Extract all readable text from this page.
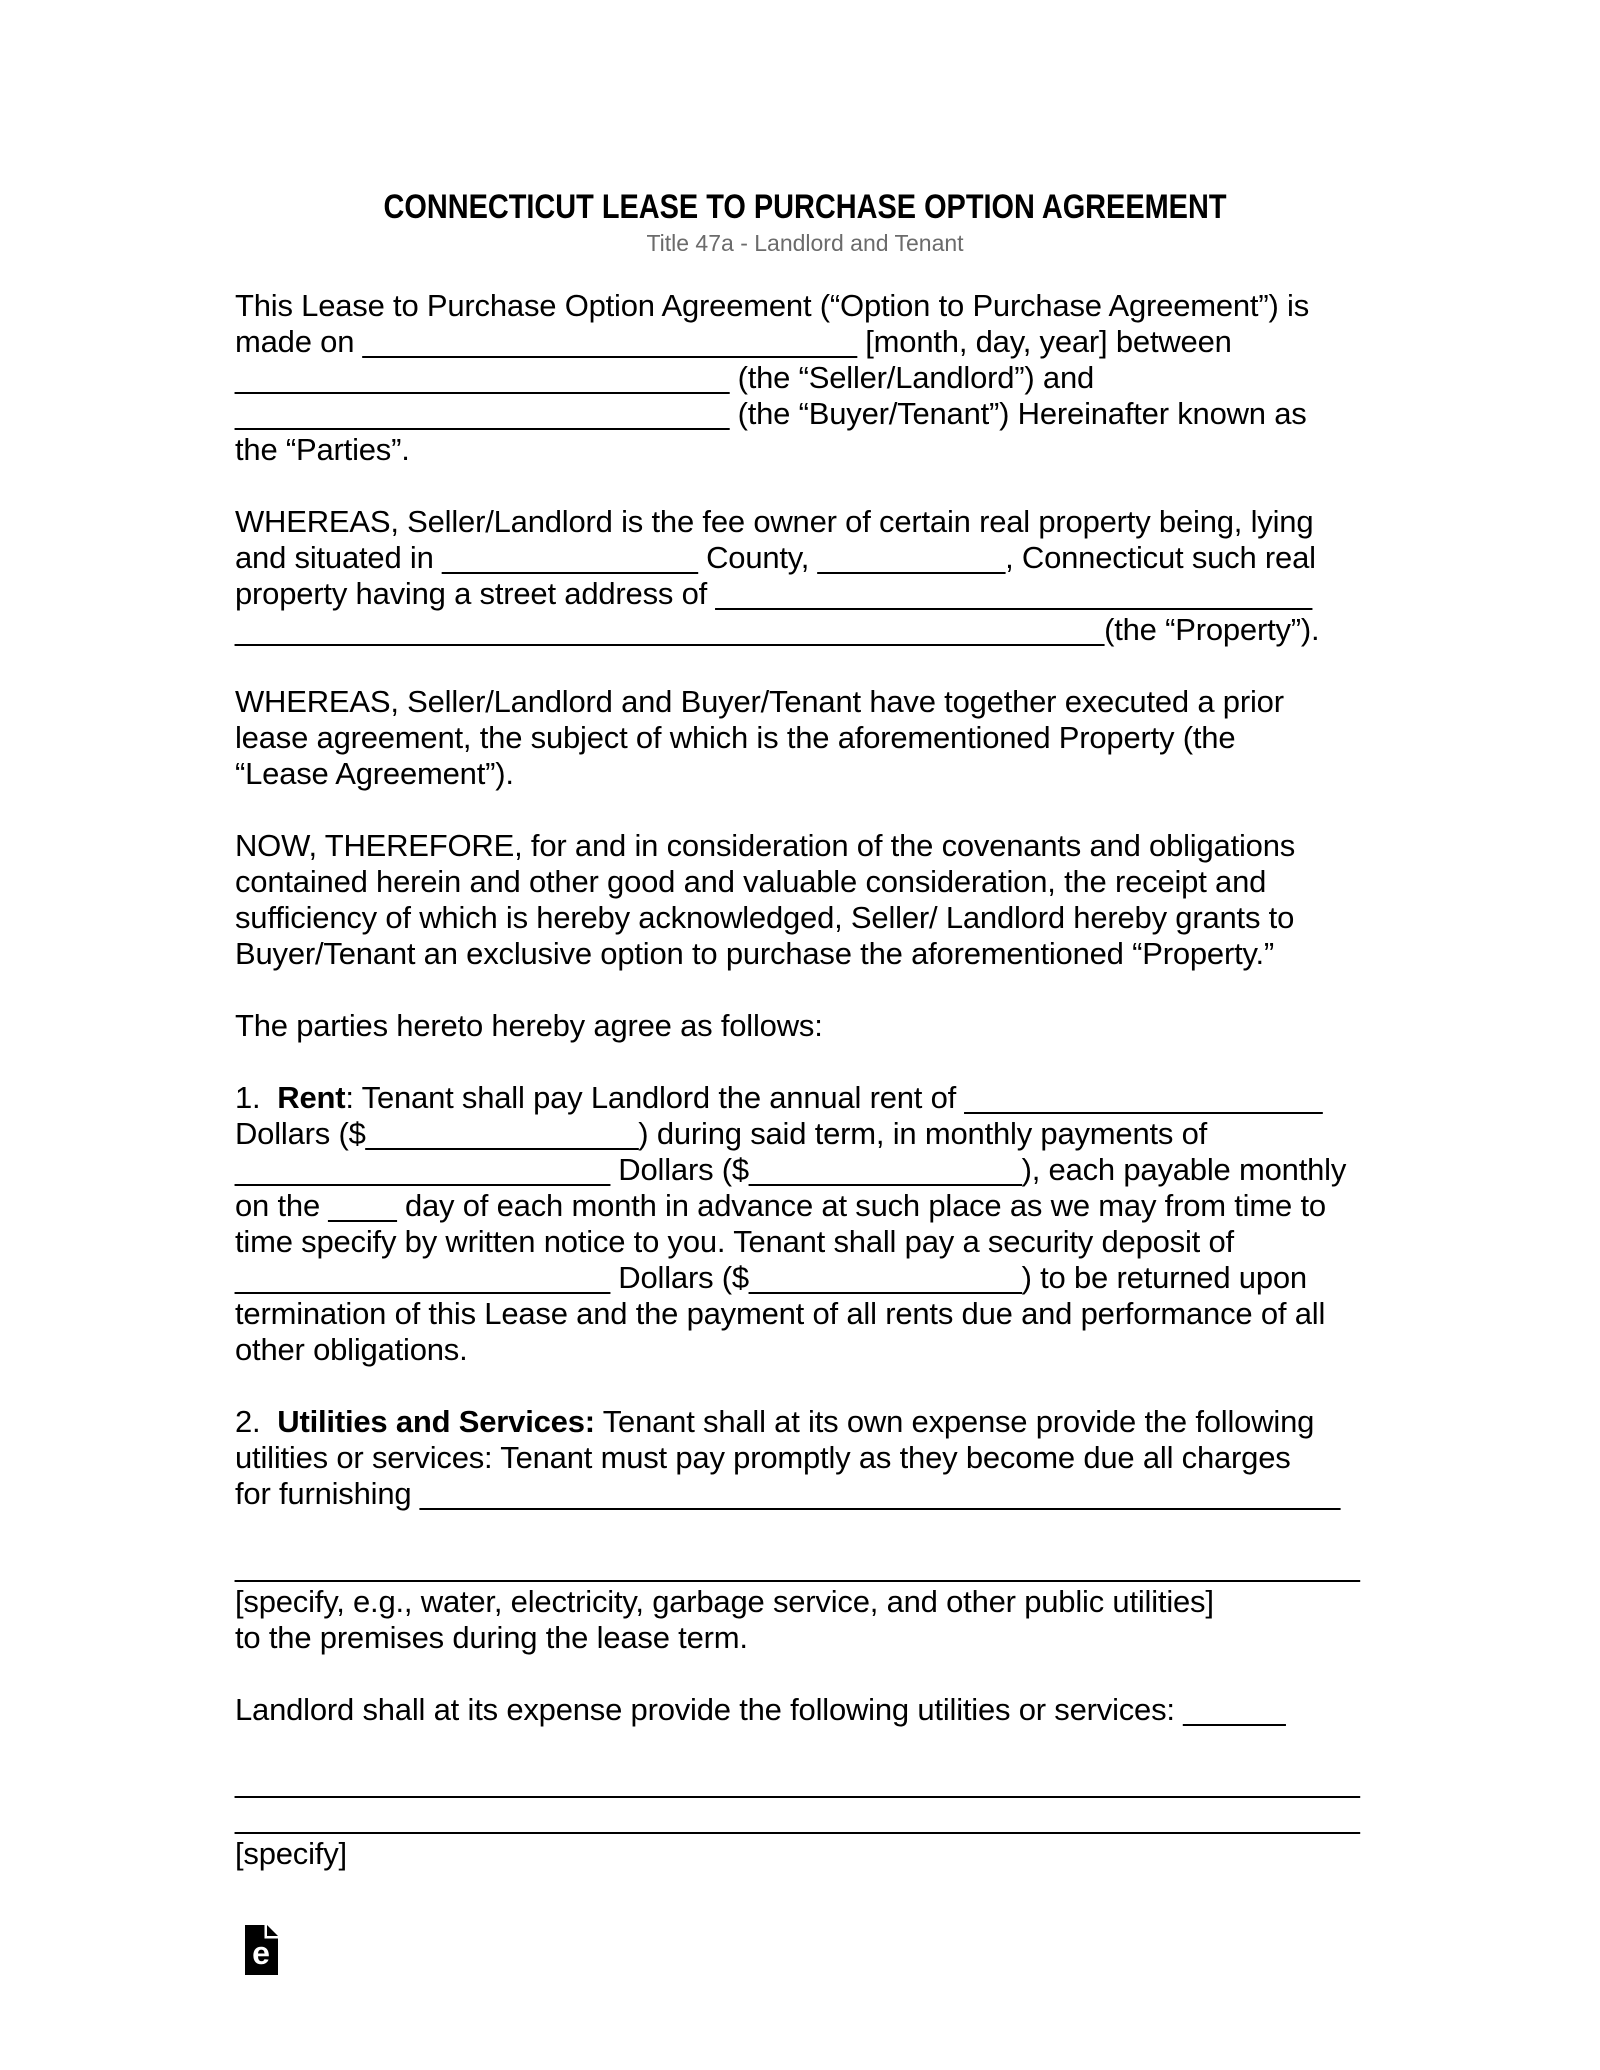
CONNECTICUT LEASE TO PURCHASE OPTION AGREEMENT
Title 47a - Landlord and Tenant
This Lease to Purchase Option Agreement (“Option to Purchase Agreement”) is
made on _____________________________ [month, day, year] between
_____________________________ (the “Seller/Landlord”) and
_____________________________ (the “Buyer/Tenant”) Hereinafter known as
the “Parties”.
WHEREAS, Seller/Landlord is the fee owner of certain real property being, lying
and situated in _______________ County, ___________, Connecticut such real
property having a street address of ___________________________________
___________________________________________________(the “Property”).
WHEREAS, Seller/Landlord and Buyer/Tenant have together executed a prior
lease agreement, the subject of which is the aforementioned Property (the
“Lease Agreement”).
NOW, THEREFORE, for and in consideration of the covenants and obligations
contained herein and other good and valuable consideration, the receipt and
sufficiency of which is hereby acknowledged, Seller/ Landlord hereby grants to
Buyer/Tenant an exclusive option to purchase the aforementioned “Property.”
The parties hereto hereby agree as follows:
1.  Rent: Tenant shall pay Landlord the annual rent of _____________________
Dollars ($________________) during said term, in monthly payments of
______________________ Dollars ($________________), each payable monthly
on the ____ day of each month in advance at such place as we may from time to
time specify by written notice to you. Tenant shall pay a security deposit of
______________________ Dollars ($________________) to be returned upon
termination of this Lease and the payment of all rents due and performance of all
other obligations.
2.  Utilities and Services: Tenant shall at its own expense provide the following
utilities or services: Tenant must pay promptly as they become due all charges
for furnishing ______________________________________________________
__________________________________________________________________
[specify, e.g., water, electricity, garbage service, and other public utilities]
to the premises during the lease term.
Landlord shall at its expense provide the following utilities or services: ______
__________________________________________________________________
__________________________________________________________________
[specify]
e
